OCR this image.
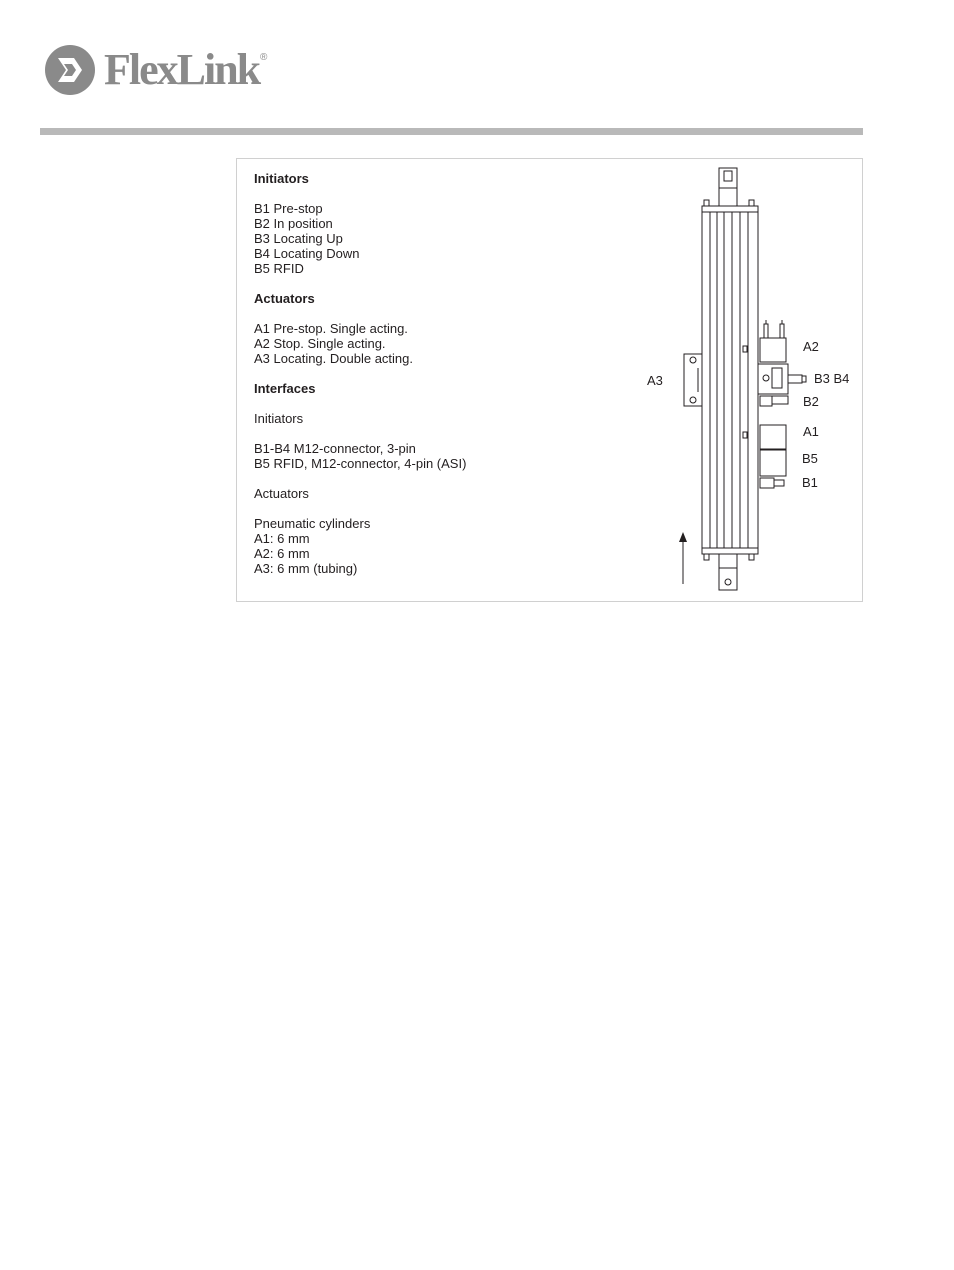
FlexLink ®
Initiators
B1 Pre-stop
B2 In position
B3 Locating Up
B4 Locating Down
B5 RFID
Actuators
A1 Pre-stop. Single acting.
A2 Stop. Single acting.
A3 Locating. Double acting.
Interfaces
Initiators
B1-B4 M12-connector, 3-pin
B5 RFID, M12-connector, 4-pin (ASI)
Actuators
Pneumatic cylinders
A1: 6 mm
A2: 6 mm
A3: 6 mm (tubing)
A2
A3	B3 B4
B2
A1
B5
B1
